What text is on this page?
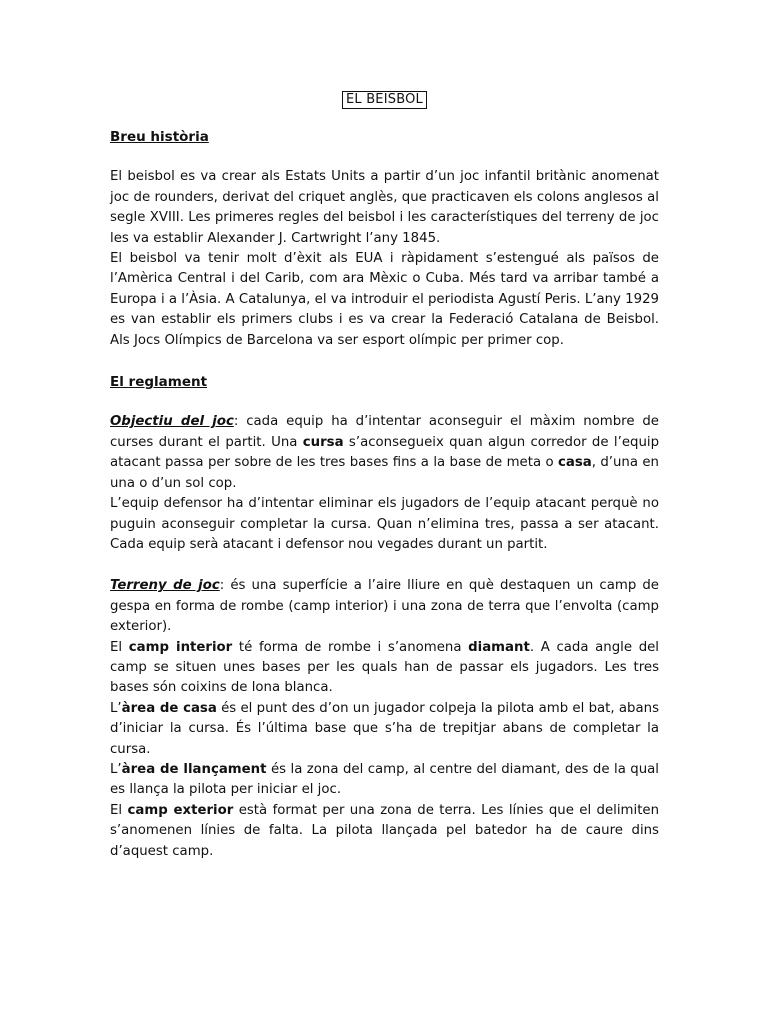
EL BEISBOL
Breu història

El beisbol es va crear als Estats Units a partir d’un joc infantil britànic anomenat joc de rounders, derivat del criquet anglès, que practicaven els colons anglesos al segle XVIII. Les primeres regles del beisbol i les característiques del terreny de joc les va establir Alexander J. Cartwright l’any 1845.

El beisbol va tenir molt d’èxit als EUA i ràpidament s’estengué als països de l’Amèrica Central i del Carib, com ara Mèxic o Cuba. Més tard va arribar també a Europa i a l’Àsia. A Catalunya, el va introduir el periodista Agustí Peris. L’any 1929 es van establir els primers clubs i es va crear la Federació Catalana de Beisbol. Als Jocs Olímpics de Barcelona va ser esport olímpic per primer cop.

El reglament

Objectiu del joc: cada equip ha d’intentar aconseguir el màxim nombre de curses durant el partit. Una cursa s’aconsegueix quan algun corredor de l’equip atacant passa per sobre de les tres bases fins a la base de meta o casa, d’una en una o d’un sol cop.

L’equip defensor ha d’intentar eliminar els jugadors de l’equip atacant perquè no puguin aconseguir completar la cursa. Quan n’elimina tres, passa a ser atacant. Cada equip serà atacant i defensor nou vegades durant un partit.

Terreny de joc: és una superfície a l’aire lliure en què destaquen un camp de gespa en forma de rombe (camp interior) i una zona de terra que l’envolta (camp exterior).

El camp interior té forma de rombe i s’anomena diamant. A cada angle del camp se situen unes bases per les quals han de passar els jugadors. Les tres bases són coixins de lona blanca.

L’àrea de casa és el punt des d’on un jugador colpeja la pilota amb el bat, abans d’iniciar la cursa. És l’última base que s’ha de trepitjar abans de completar la cursa.

L’àrea de llançament és la zona del camp, al centre del diamant, des de la qual es llança la pilota per iniciar el joc.

El camp exterior està format per una zona de terra. Les línies que el delimiten s’anomenen línies de falta. La pilota llançada pel batedor ha de caure dins d’aquest camp.
